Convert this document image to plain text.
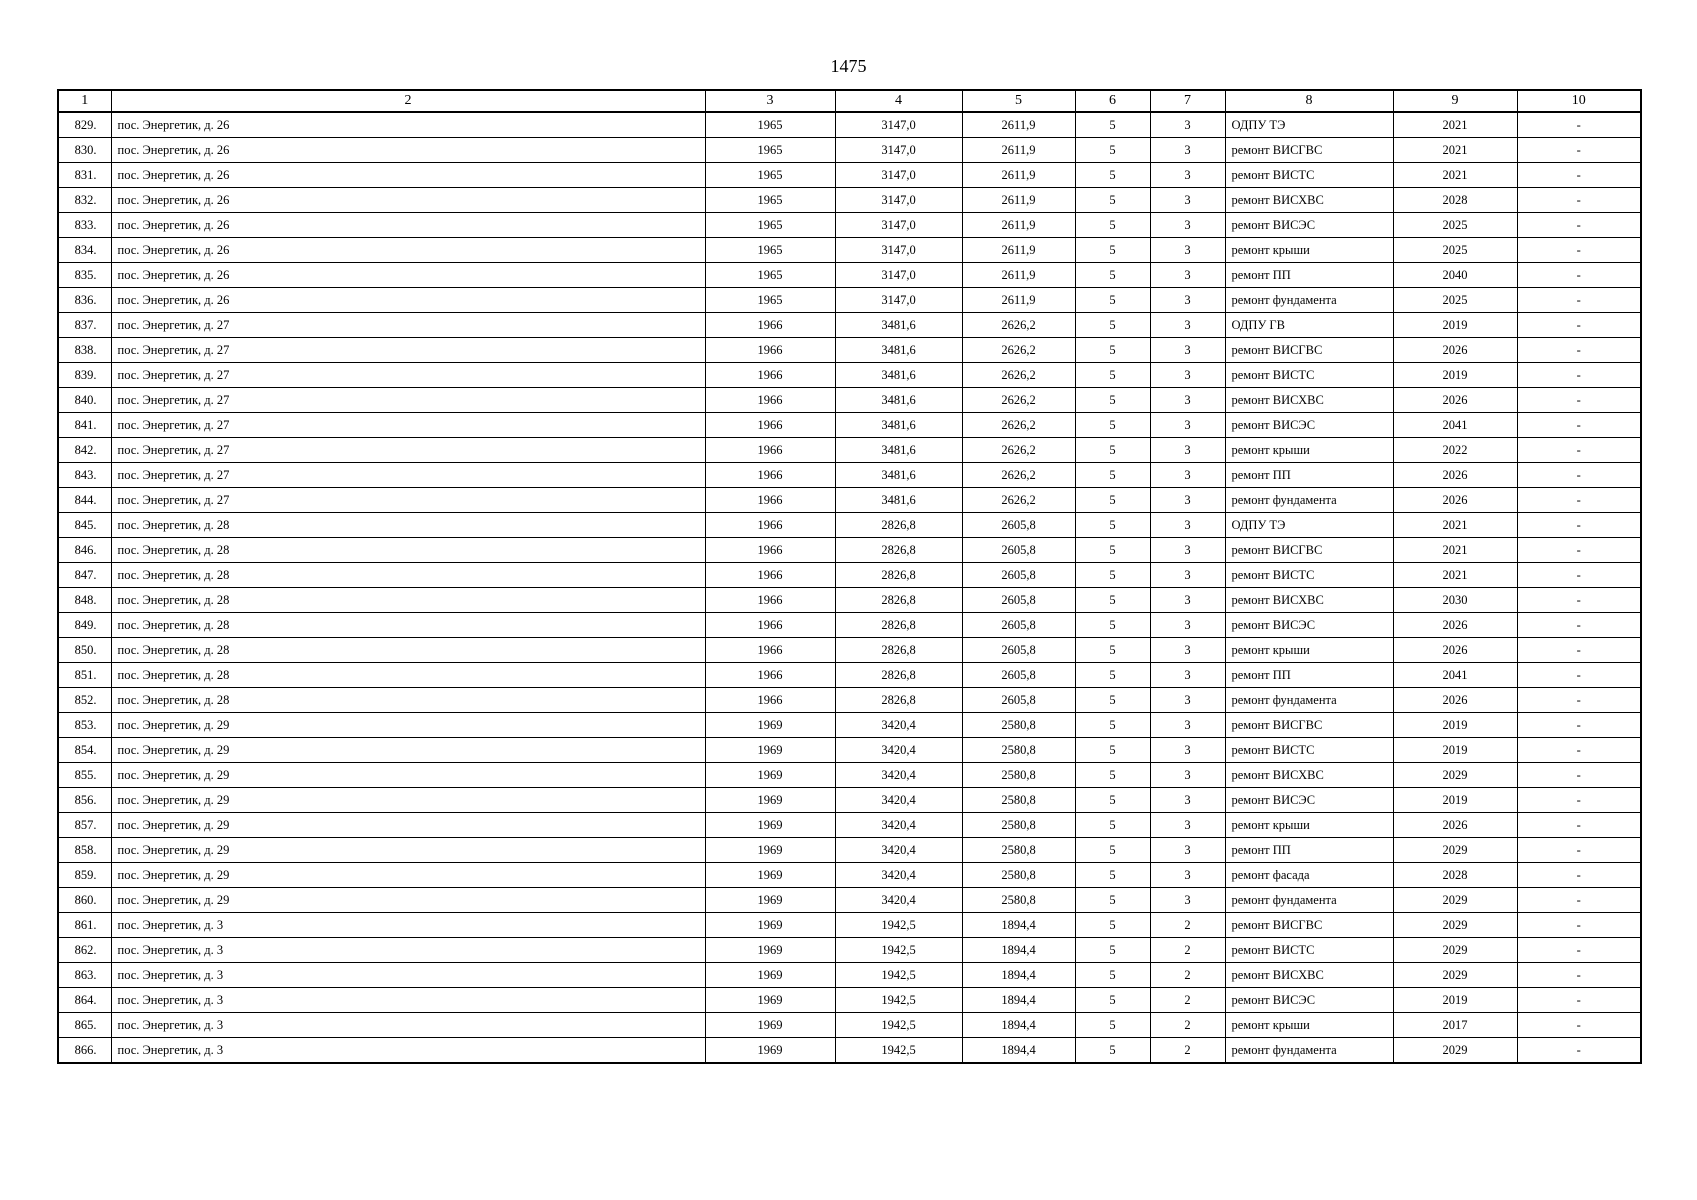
1475
1	2	3	4	5	6	7	8	9	10
829.	пос. Энергетик, д. 26	1965	3147,0	2611,9	5	3	ОДПУ ТЭ	2021	-
830.	пос. Энергетик, д. 26	1965	3147,0	2611,9	5	3	ремонт ВИСГВС	2021	-
831.	пос. Энергетик, д. 26	1965	3147,0	2611,9	5	3	ремонт ВИСТС	2021	-
832.	пос. Энергетик, д. 26	1965	3147,0	2611,9	5	3	ремонт ВИСХВС	2028	-
833.	пос. Энергетик, д. 26	1965	3147,0	2611,9	5	3	ремонт ВИСЭС	2025	-
834.	пос. Энергетик, д. 26	1965	3147,0	2611,9	5	3	ремонт крыши	2025	-
835.	пос. Энергетик, д. 26	1965	3147,0	2611,9	5	3	ремонт ПП	2040	-
836.	пос. Энергетик, д. 26	1965	3147,0	2611,9	5	3	ремонт фундамента	2025	-
837.	пос. Энергетик, д. 27	1966	3481,6	2626,2	5	3	ОДПУ ГВ	2019	-
838.	пос. Энергетик, д. 27	1966	3481,6	2626,2	5	3	ремонт ВИСГВС	2026	-
839.	пос. Энергетик, д. 27	1966	3481,6	2626,2	5	3	ремонт ВИСТС	2019	-
840.	пос. Энергетик, д. 27	1966	3481,6	2626,2	5	3	ремонт ВИСХВС	2026	-
841.	пос. Энергетик, д. 27	1966	3481,6	2626,2	5	3	ремонт ВИСЭС	2041	-
842.	пос. Энергетик, д. 27	1966	3481,6	2626,2	5	3	ремонт крыши	2022	-
843.	пос. Энергетик, д. 27	1966	3481,6	2626,2	5	3	ремонт ПП	2026	-
844.	пос. Энергетик, д. 27	1966	3481,6	2626,2	5	3	ремонт фундамента	2026	-
845.	пос. Энергетик, д. 28	1966	2826,8	2605,8	5	3	ОДПУ ТЭ	2021	-
846.	пос. Энергетик, д. 28	1966	2826,8	2605,8	5	3	ремонт ВИСГВС	2021	-
847.	пос. Энергетик, д. 28	1966	2826,8	2605,8	5	3	ремонт ВИСТС	2021	-
848.	пос. Энергетик, д. 28	1966	2826,8	2605,8	5	3	ремонт ВИСХВС	2030	-
849.	пос. Энергетик, д. 28	1966	2826,8	2605,8	5	3	ремонт ВИСЭС	2026	-
850.	пос. Энергетик, д. 28	1966	2826,8	2605,8	5	3	ремонт крыши	2026	-
851.	пос. Энергетик, д. 28	1966	2826,8	2605,8	5	3	ремонт ПП	2041	-
852.	пос. Энергетик, д. 28	1966	2826,8	2605,8	5	3	ремонт фундамента	2026	-
853.	пос. Энергетик, д. 29	1969	3420,4	2580,8	5	3	ремонт ВИСГВС	2019	-
854.	пос. Энергетик, д. 29	1969	3420,4	2580,8	5	3	ремонт ВИСТС	2019	-
855.	пос. Энергетик, д. 29	1969	3420,4	2580,8	5	3	ремонт ВИСХВС	2029	-
856.	пос. Энергетик, д. 29	1969	3420,4	2580,8	5	3	ремонт ВИСЭС	2019	-
857.	пос. Энергетик, д. 29	1969	3420,4	2580,8	5	3	ремонт крыши	2026	-
858.	пос. Энергетик, д. 29	1969	3420,4	2580,8	5	3	ремонт ПП	2029	-
859.	пос. Энергетик, д. 29	1969	3420,4	2580,8	5	3	ремонт фасада	2028	-
860.	пос. Энергетик, д. 29	1969	3420,4	2580,8	5	3	ремонт фундамента	2029	-
861.	пос. Энергетик, д. 3	1969	1942,5	1894,4	5	2	ремонт ВИСГВС	2029	-
862.	пос. Энергетик, д. 3	1969	1942,5	1894,4	5	2	ремонт ВИСТС	2029	-
863.	пос. Энергетик, д. 3	1969	1942,5	1894,4	5	2	ремонт ВИСХВС	2029	-
864.	пос. Энергетик, д. 3	1969	1942,5	1894,4	5	2	ремонт ВИСЭС	2019	-
865.	пос. Энергетик, д. 3	1969	1942,5	1894,4	5	2	ремонт крыши	2017	-
866.	пос. Энергетик, д. 3	1969	1942,5	1894,4	5	2	ремонт фундамента	2029	-
